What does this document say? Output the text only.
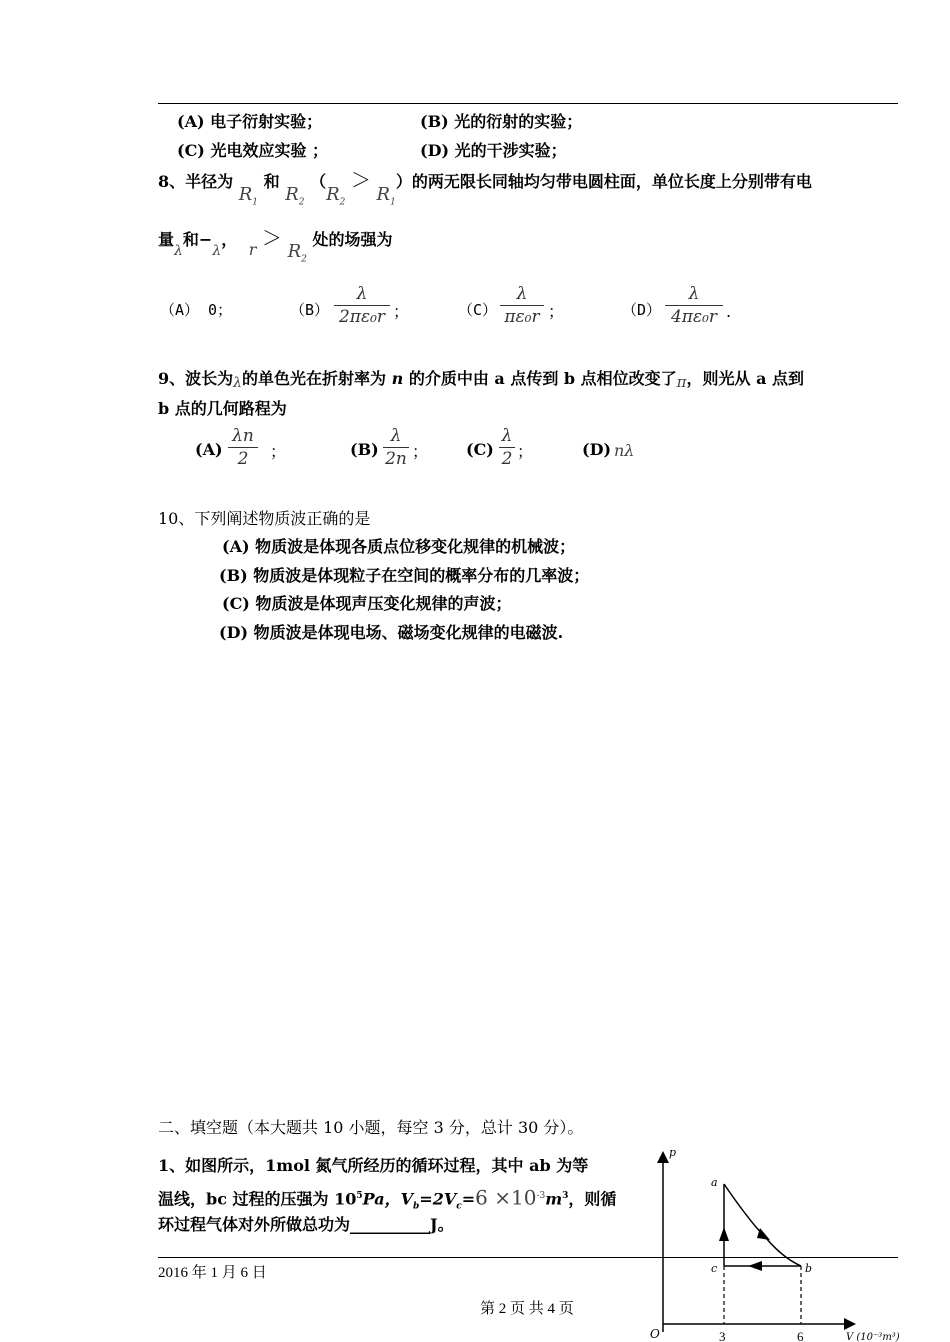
(A) 电子衍射实验；	(B) 光的衍射的实验；
(C) 光电效应实验 ；	(D) 光的干涉实验；
8、半径为 $R_1$ 和 $R_2$ $(R_2 > R_1)$的两无限长同轴均匀带电圆柱面，单位长度上分别带有电
量λ和−λ， $r > R_2$ 处的场强为
（A） 0；	（B）
λ
2πε₀r ；	（C）
λ
πε₀r ；	（D）
λ
4πε₀r .
9、波长为λ的单色光在折射率为 n 的介质中由 a 点传到 b 点相位改变了π，则光从 a 点到
b 点的几何路程为
(A)
λn
2	；	(B)
λ
2n ； (C)
λ
2 ；	(D) nλ
10、下列阐述物质波正确的是
(A) 物质波是体现各质点位移变化规律的机械波；
(B) 物质波是体现粒子在空间的概率分布的几率波；
(C) 物质波是体现声压变化规律的声波；
(D) 物质波是体现电场、磁场变化规律的电磁波.
二、填空题（本大题共 10 小题，每空 3 分，总计 30 分）。
1、如图所示，1mol 氮气所经历的循环过程，其中 ab 为等
温线，bc 过程的压强为 $10^5Pa$，$V_b=2V_c=6 \times 10^{-3}m^3$，则循
环过程气体对外所做总功为__________J。
2016 年 1 月 6 日
第 2 页 共 4 页
p
O	3	6	V (10⁻³m³)
a
b
c
